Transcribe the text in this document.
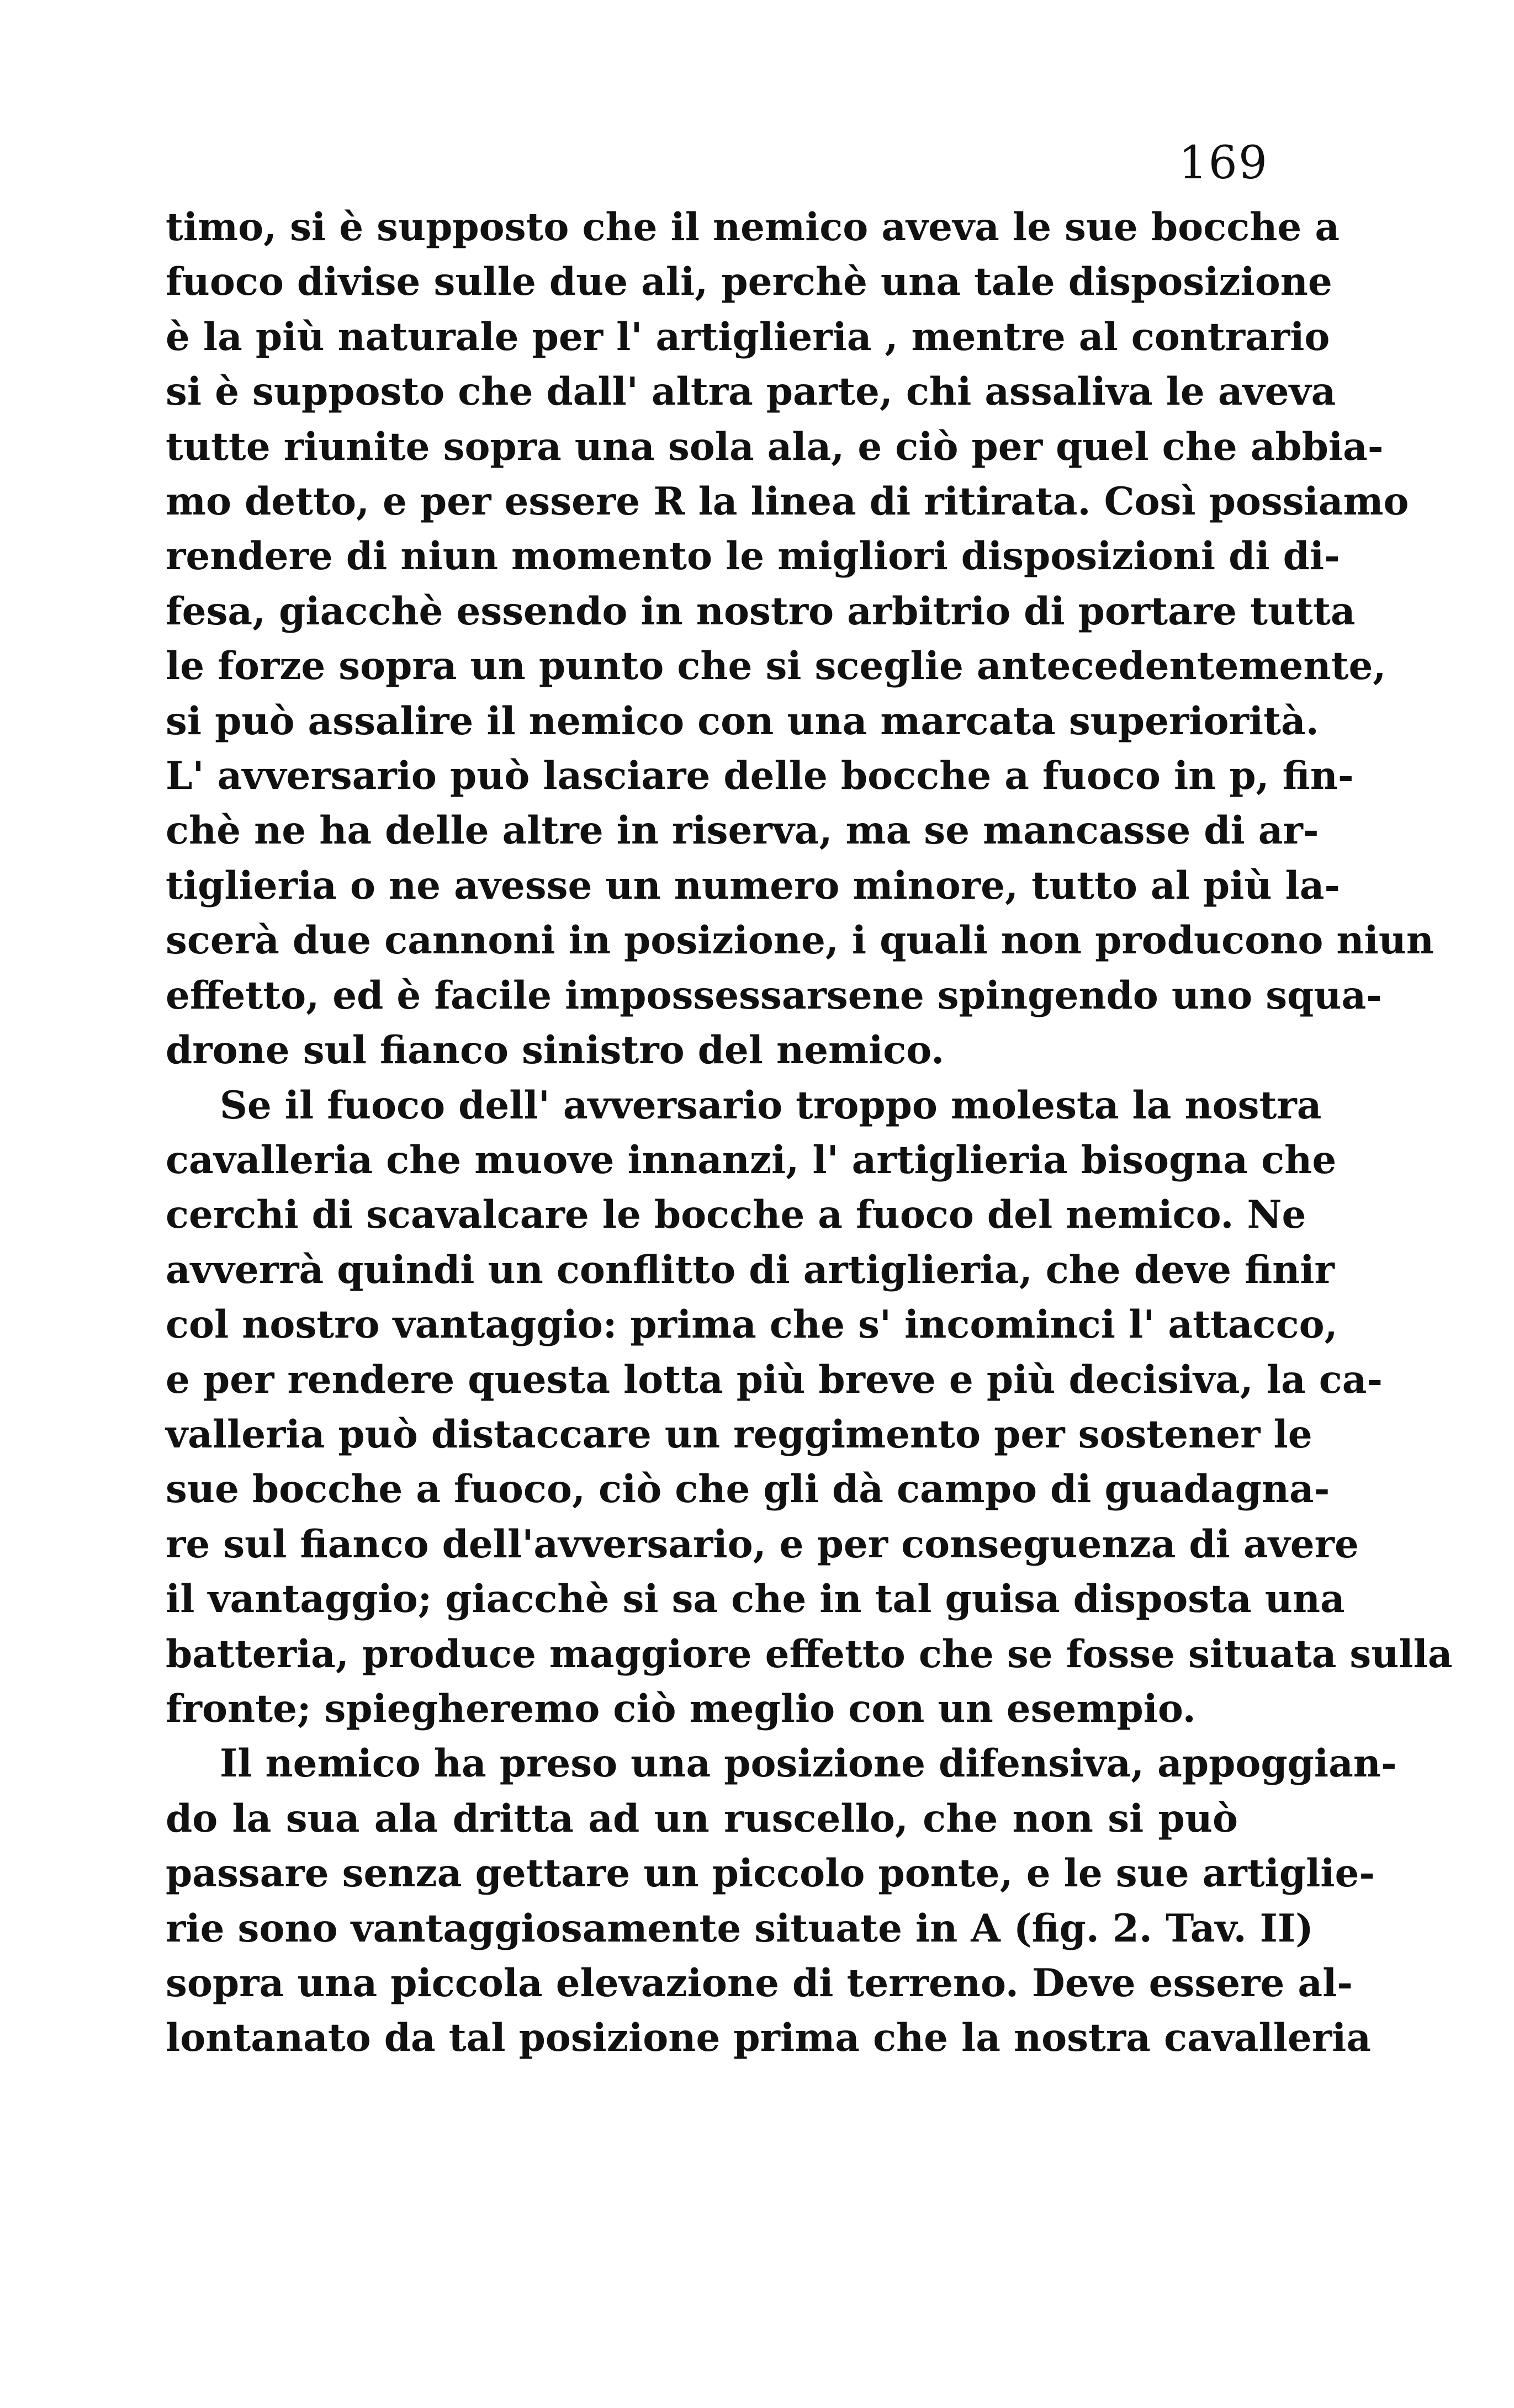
169
timo, si è supposto che il nemico aveva le sue bocche a
fuoco divise sulle due ali, perchè una tale disposizione
è la più naturale per l' artiglieria , mentre al contrario
si è supposto che dall' altra parte, chi assaliva le aveva
tutte riunite sopra una sola ala, e ciò per quel che abbia-
mo detto, e per essere R la linea di ritirata. Così possiamo
rendere di niun momento le migliori disposizioni di di-
fesa, giacchè essendo in nostro arbitrio di portare tutta
le forze sopra un punto che si sceglie antecedentemente,
si può assalire il nemico con una marcata superiorità.
L' avversario può lasciare delle bocche a fuoco in p, fin-
chè ne ha delle altre in riserva, ma se mancasse di ar-
tiglieria o ne avesse un numero minore, tutto al più la-
scerà due cannoni in posizione, i quali non producono niun
effetto, ed è facile impossessarsene spingendo uno squa-
drone sul fianco sinistro del nemico.
Se il fuoco dell' avversario troppo molesta la nostra
cavalleria che muove innanzi, l' artiglieria bisogna che
cerchi di scavalcare le bocche a fuoco del nemico. Ne
avverrà quindi un conflitto di artiglieria, che deve finir
col nostro vantaggio: prima che s' incominci l' attacco,
e per rendere questa lotta più breve e più decisiva, la ca-
valleria può distaccare un reggimento per sostener le
sue bocche a fuoco, ciò che gli dà campo di guadagna-
re sul fianco dell'avversario, e per conseguenza di avere
il vantaggio; giacchè si sa che in tal guisa disposta una
batteria, produce maggiore effetto che se fosse situata sulla
fronte; spiegheremo ciò meglio con un esempio.
Il nemico ha preso una posizione difensiva, appoggian-
do la sua ala dritta ad un ruscello, che non si può
passare senza gettare un piccolo ponte, e le sue artiglie-
rie sono vantaggiosamente situate in A (fig. 2. Tav. II)
sopra una piccola elevazione di terreno. Deve essere al-
lontanato da tal posizione prima che la nostra cavalleria
